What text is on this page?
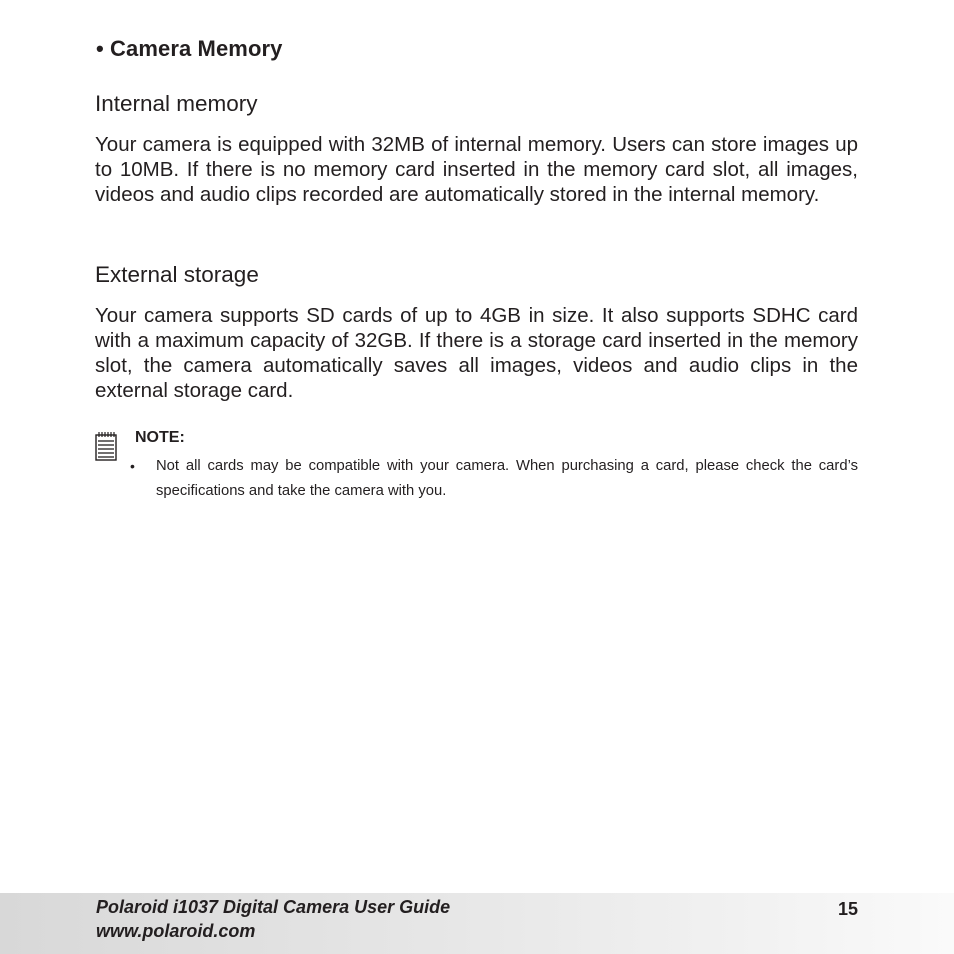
• Camera Memory
Internal memory

Your camera is equipped with 32MB of internal memory. Users can store images up to 10MB. If there is no memory card inserted in the memory card slot, all images, videos and audio clips recorded are automatically stored in the internal memory.

External storage

Your camera supports SD cards of up to 4GB in size. It also supports SDHC card with a maximum capacity of 32GB. If there is a storage card inserted in the memory slot, the camera automatically saves all images, videos and audio clips in the external storage card.

NOTE:
• Not all cards may be compatible with your camera. When purchasing a card, please check the card’s specifications and take the camera with you.
Polaroid i1037 Digital Camera User Guide
www.polaroid.com
15
